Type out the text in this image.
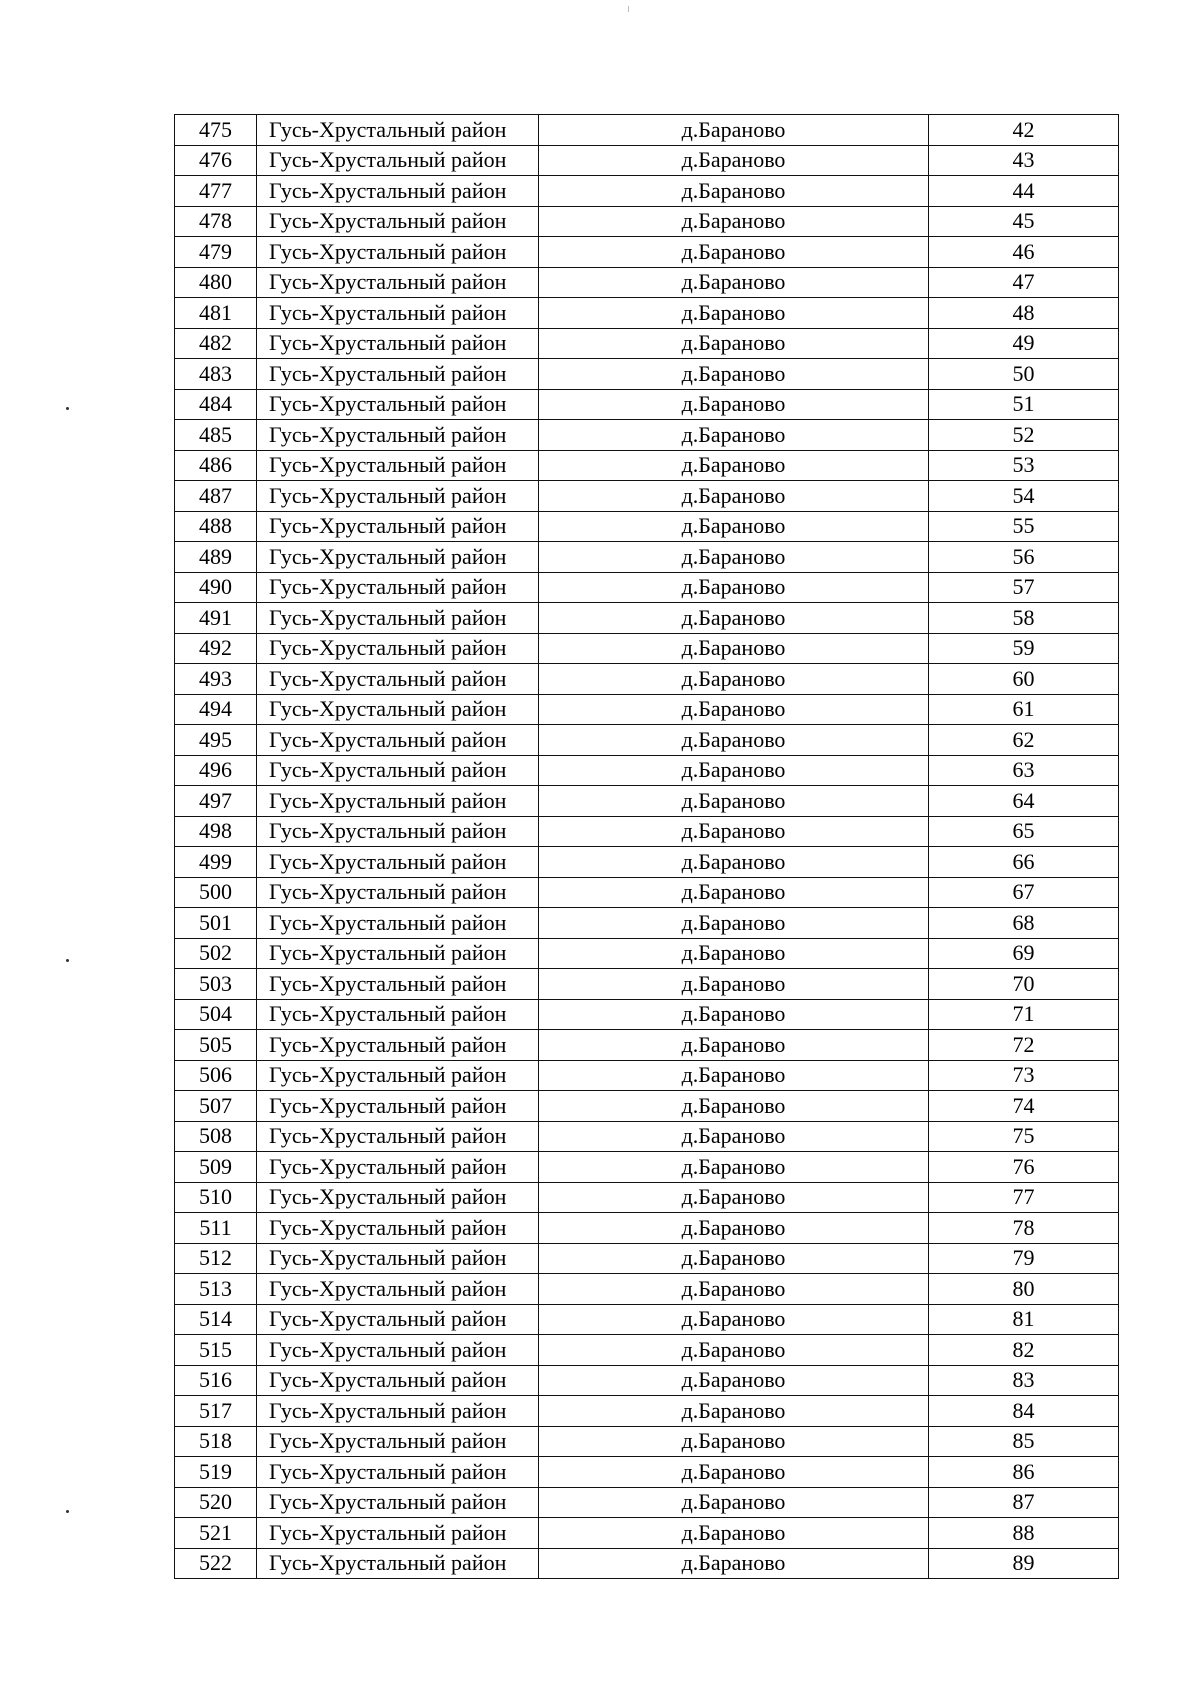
475	Гусь-Хрустальный район	д.Бараново	42
476	Гусь-Хрустальный район	д.Бараново	43
477	Гусь-Хрустальный район	д.Бараново	44
478	Гусь-Хрустальный район	д.Бараново	45
479	Гусь-Хрустальный район	д.Бараново	46
480	Гусь-Хрустальный район	д.Бараново	47
481	Гусь-Хрустальный район	д.Бараново	48
482	Гусь-Хрустальный район	д.Бараново	49
483	Гусь-Хрустальный район	д.Бараново	50
484	Гусь-Хрустальный район	д.Бараново	51
485	Гусь-Хрустальный район	д.Бараново	52
486	Гусь-Хрустальный район	д.Бараново	53
487	Гусь-Хрустальный район	д.Бараново	54
488	Гусь-Хрустальный район	д.Бараново	55
489	Гусь-Хрустальный район	д.Бараново	56
490	Гусь-Хрустальный район	д.Бараново	57
491	Гусь-Хрустальный район	д.Бараново	58
492	Гусь-Хрустальный район	д.Бараново	59
493	Гусь-Хрустальный район	д.Бараново	60
494	Гусь-Хрустальный район	д.Бараново	61
495	Гусь-Хрустальный район	д.Бараново	62
496	Гусь-Хрустальный район	д.Бараново	63
497	Гусь-Хрустальный район	д.Бараново	64
498	Гусь-Хрустальный район	д.Бараново	65
499	Гусь-Хрустальный район	д.Бараново	66
500	Гусь-Хрустальный район	д.Бараново	67
501	Гусь-Хрустальный район	д.Бараново	68
502	Гусь-Хрустальный район	д.Бараново	69
503	Гусь-Хрустальный район	д.Бараново	70
504	Гусь-Хрустальный район	д.Бараново	71
505	Гусь-Хрустальный район	д.Бараново	72
506	Гусь-Хрустальный район	д.Бараново	73
507	Гусь-Хрустальный район	д.Бараново	74
508	Гусь-Хрустальный район	д.Бараново	75
509	Гусь-Хрустальный район	д.Бараново	76
510	Гусь-Хрустальный район	д.Бараново	77
511	Гусь-Хрустальный район	д.Бараново	78
512	Гусь-Хрустальный район	д.Бараново	79
513	Гусь-Хрустальный район	д.Бараново	80
514	Гусь-Хрустальный район	д.Бараново	81
515	Гусь-Хрустальный район	д.Бараново	82
516	Гусь-Хрустальный район	д.Бараново	83
517	Гусь-Хрустальный район	д.Бараново	84
518	Гусь-Хрустальный район	д.Бараново	85
519	Гусь-Хрустальный район	д.Бараново	86
520	Гусь-Хрустальный район	д.Бараново	87
521	Гусь-Хрустальный район	д.Бараново	88
522	Гусь-Хрустальный район	д.Бараново	89
